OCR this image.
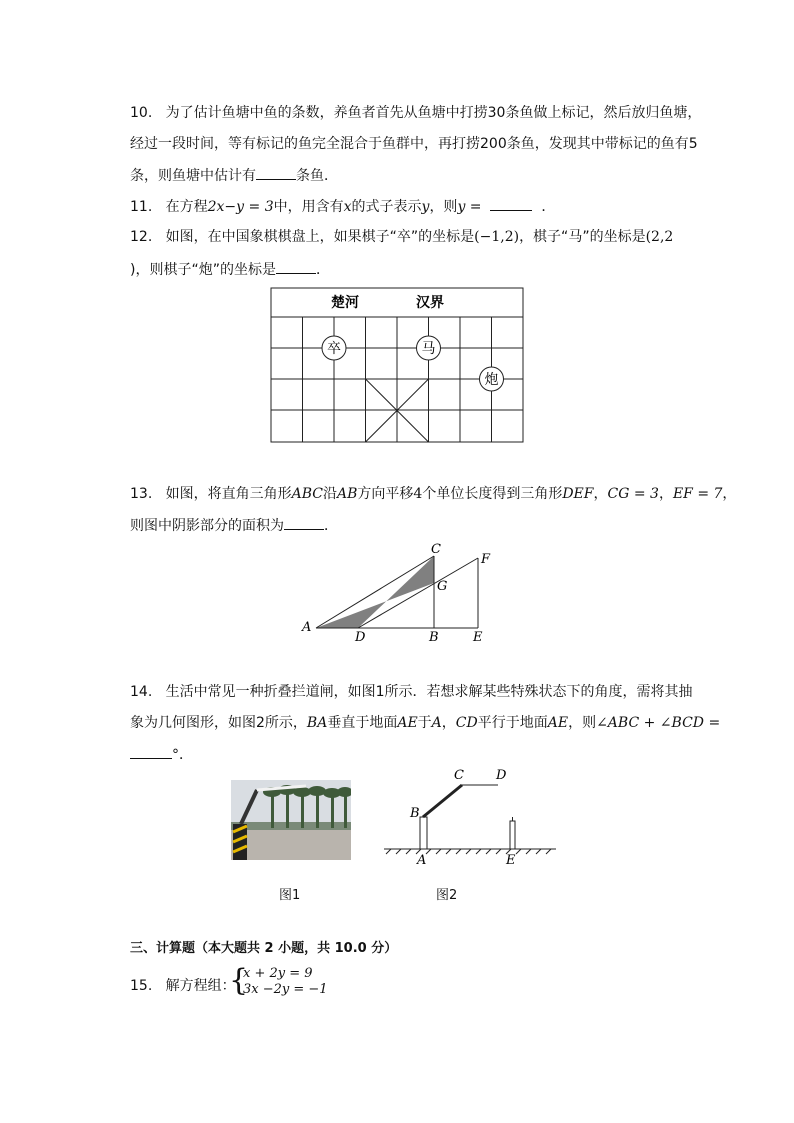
10. 为了估计鱼塘中鱼的条数，养鱼者首先从鱼塘中打捞30条鱼做上标记，然后放归鱼塘，
经过一段时间，等有标记的鱼完全混合于鱼群中，再打捞200条鱼，发现其中带标记的鱼有5
条，则鱼塘中估计有	条鱼．
11. 在方程2x−y = 3中，用含有x的式子表示y，则y =	．
12. 如图，在中国象棋棋盘上，如果棋子“卒”的坐标是(−1,2)，棋子“马”的坐标是(2,2
)，则棋子“炮”的坐标是	．
楚河	汉界
卒	马
炮
13. 如图，将直角三角形ABC沿AB方向平移4个单位长度得到三角形DEF，CG = 3，EF = 7，
则图中阴影部分的面积为	．
A
D	B	E
C
F
G
14. 生活中常见一种折叠拦道闸，如图1所示．若想求解某些特殊状态下的角度，需将其抽
象为几何图形，如图2所示，BA垂直于地面AE于A，CD平行于地面AE，则∠ABC + ∠BCD =
°．
图1
B
A
C D
E
图2
三、计算题（本大题共 2 小题，共 10.0 分）
15. 解方程组：
{
x + 2y = 9
3x −2y = −1
